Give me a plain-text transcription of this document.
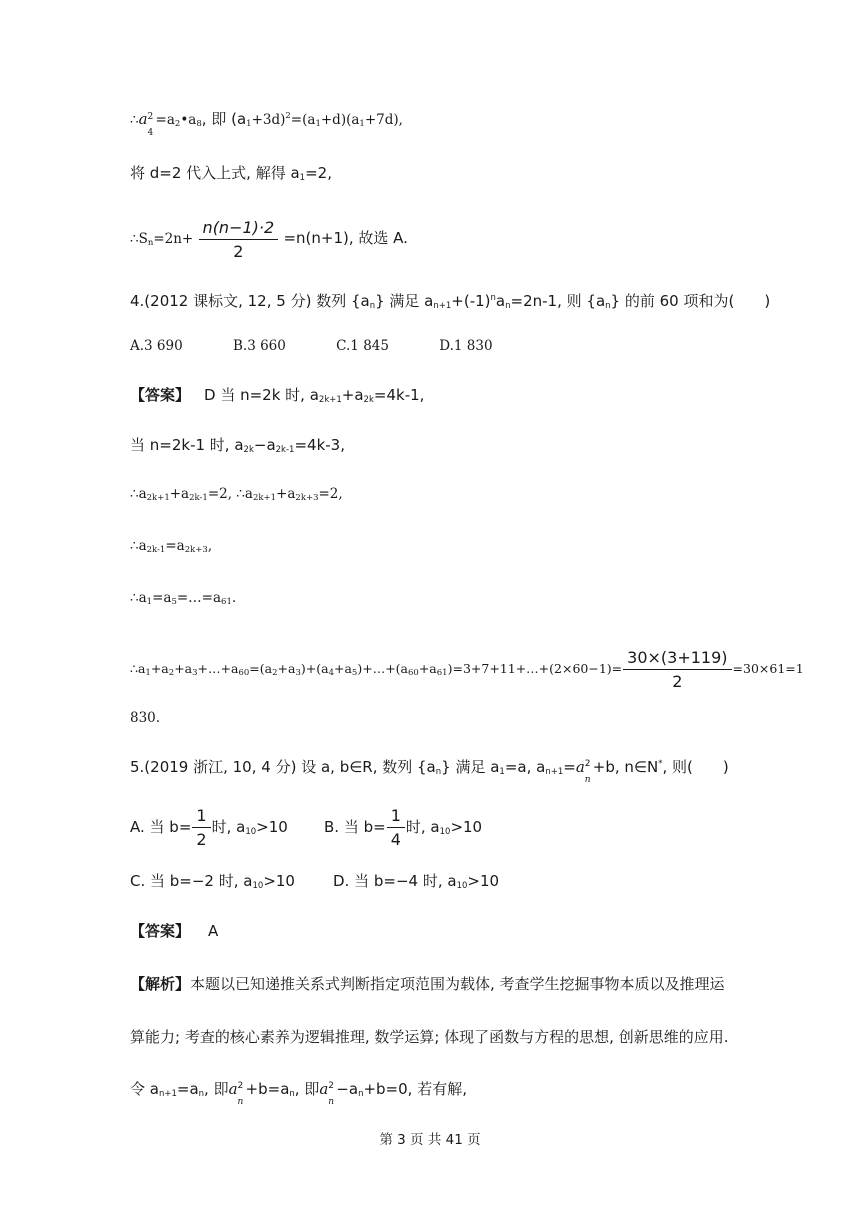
∴a 2
4
$=a_2•a_8$, 即 $(a_1+3d)^2=(a_1+d)(a_1+7d)$,
将 d=2 代入上式, 解得 $a_1=2$,
$\therefore S_n=2n+ \frac{n(n-1)\cdot 2}{2} =n(n+1)$, 故选 A.
4.(2012 课标文, 12, 5 分) 数列 $\{a_n\}$ 满足 $a_{n+1}+(-1)^na_n=2n-1$, 则 $\{a_n\}$ 的前 60 项和为(　　)
A.3 690	B.3 660	C.1 845	D.1 830
【答案】 D 当 n=2k 时, $a_{2k+1}+a_{2k}=4k-1$,
当 n=2k-1 时, $a_{2k}-a_{2k-1}=4k-3$,
$\therefore a_{2k+1}+a_{2k-1}=2$, $\therefore a_{2k+1}+a_{2k+3}=2$,
$\therefore a_{2k-1}=a_{2k+3}$,
$\therefore a_1=a_5=\dots=a_{61}$.
$\therefore a_1+a_2+a_3+\dots+a_{60}=(a_2+a_3)+(a_4+a_5)+\dots+(a_{60}+a_{61})=3+7+11+\dots+(2\times 60-1)= \frac{30\times(3+119)}{2} =30\times 61=1$
830.
5.(2019 浙江, 10, 4 分) 设 a, b∈R, 数列 $\{a_n\}$ 满足 $a_1=a$, $a_{n+1}=a$ 2
n
+b, n∈N*, 则(　　)
A. 当 $b= \frac{1}{2}$ 时, $a_{10}>10$ B. 当 $b= \frac{1}{4}$ 时, $a_{10}>10$
C. 当 b=−2 时, $a_{10}>10$	D. 当 b=−4 时, $a_{10}>10$
【答案】 A
【解析】本题以已知递推关系式判断指定项范围为载体, 考查学生挖掘事物本质以及推理运
算能力; 考查的核心素养为逻辑推理, 数学运算; 体现了函数与方程的思想, 创新思维的应用.
令 $a_{n+1}=a_n$, 即a 2
n
$+b=a_n$, 即a 2
n
$-a_n+b=0$, 若有解,
第 3 页 共 41 页
